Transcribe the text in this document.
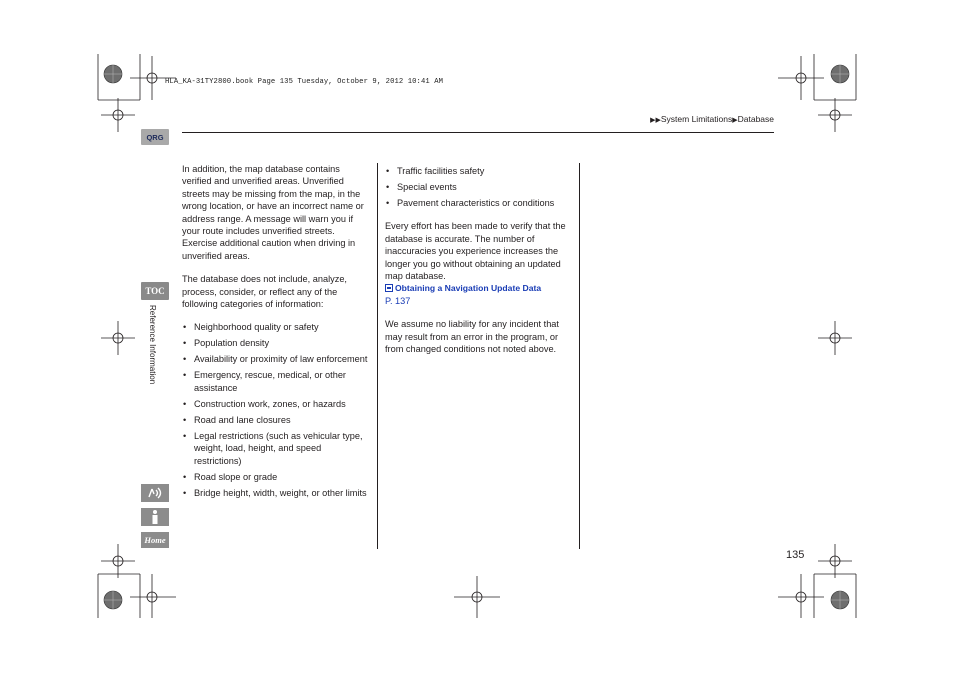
HLA_KA-31TY2800.book Page 135 Tuesday, October 9, 2012 10:41 AM
▶▶System Limitations▶Database
QRG
TOC
Reference Information
Home

In addition, the map database contains verified and unverified areas. Unverified streets may be missing from the map, in the wrong location, or have an incorrect name or address range. A message will warn you if your route includes unverified streets. Exercise additional caution when driving in unverified areas.

The database does not include, analyze, process, consider, or reflect any of the following categories of information:

• Neighborhood quality or safety
• Population density
• Availability or proximity of law enforcement
• Emergency, rescue, medical, or other assistance
• Construction work, zones, or hazards
• Road and lane closures
• Legal restrictions (such as vehicular type, weight, load, height, and speed restrictions)
• Road slope or grade
• Bridge height, width, weight, or other limits
• Traffic facilities safety
• Special events
• Pavement characteristics or conditions

Every effort has been made to verify that the database is accurate. The number of inaccuracies you experience increases the longer you go without obtaining an updated map database.

Obtaining a Navigation Update Data

P. 137

We assume no liability for any incident that may result from an error in the program, or from changed conditions not noted above.

135
